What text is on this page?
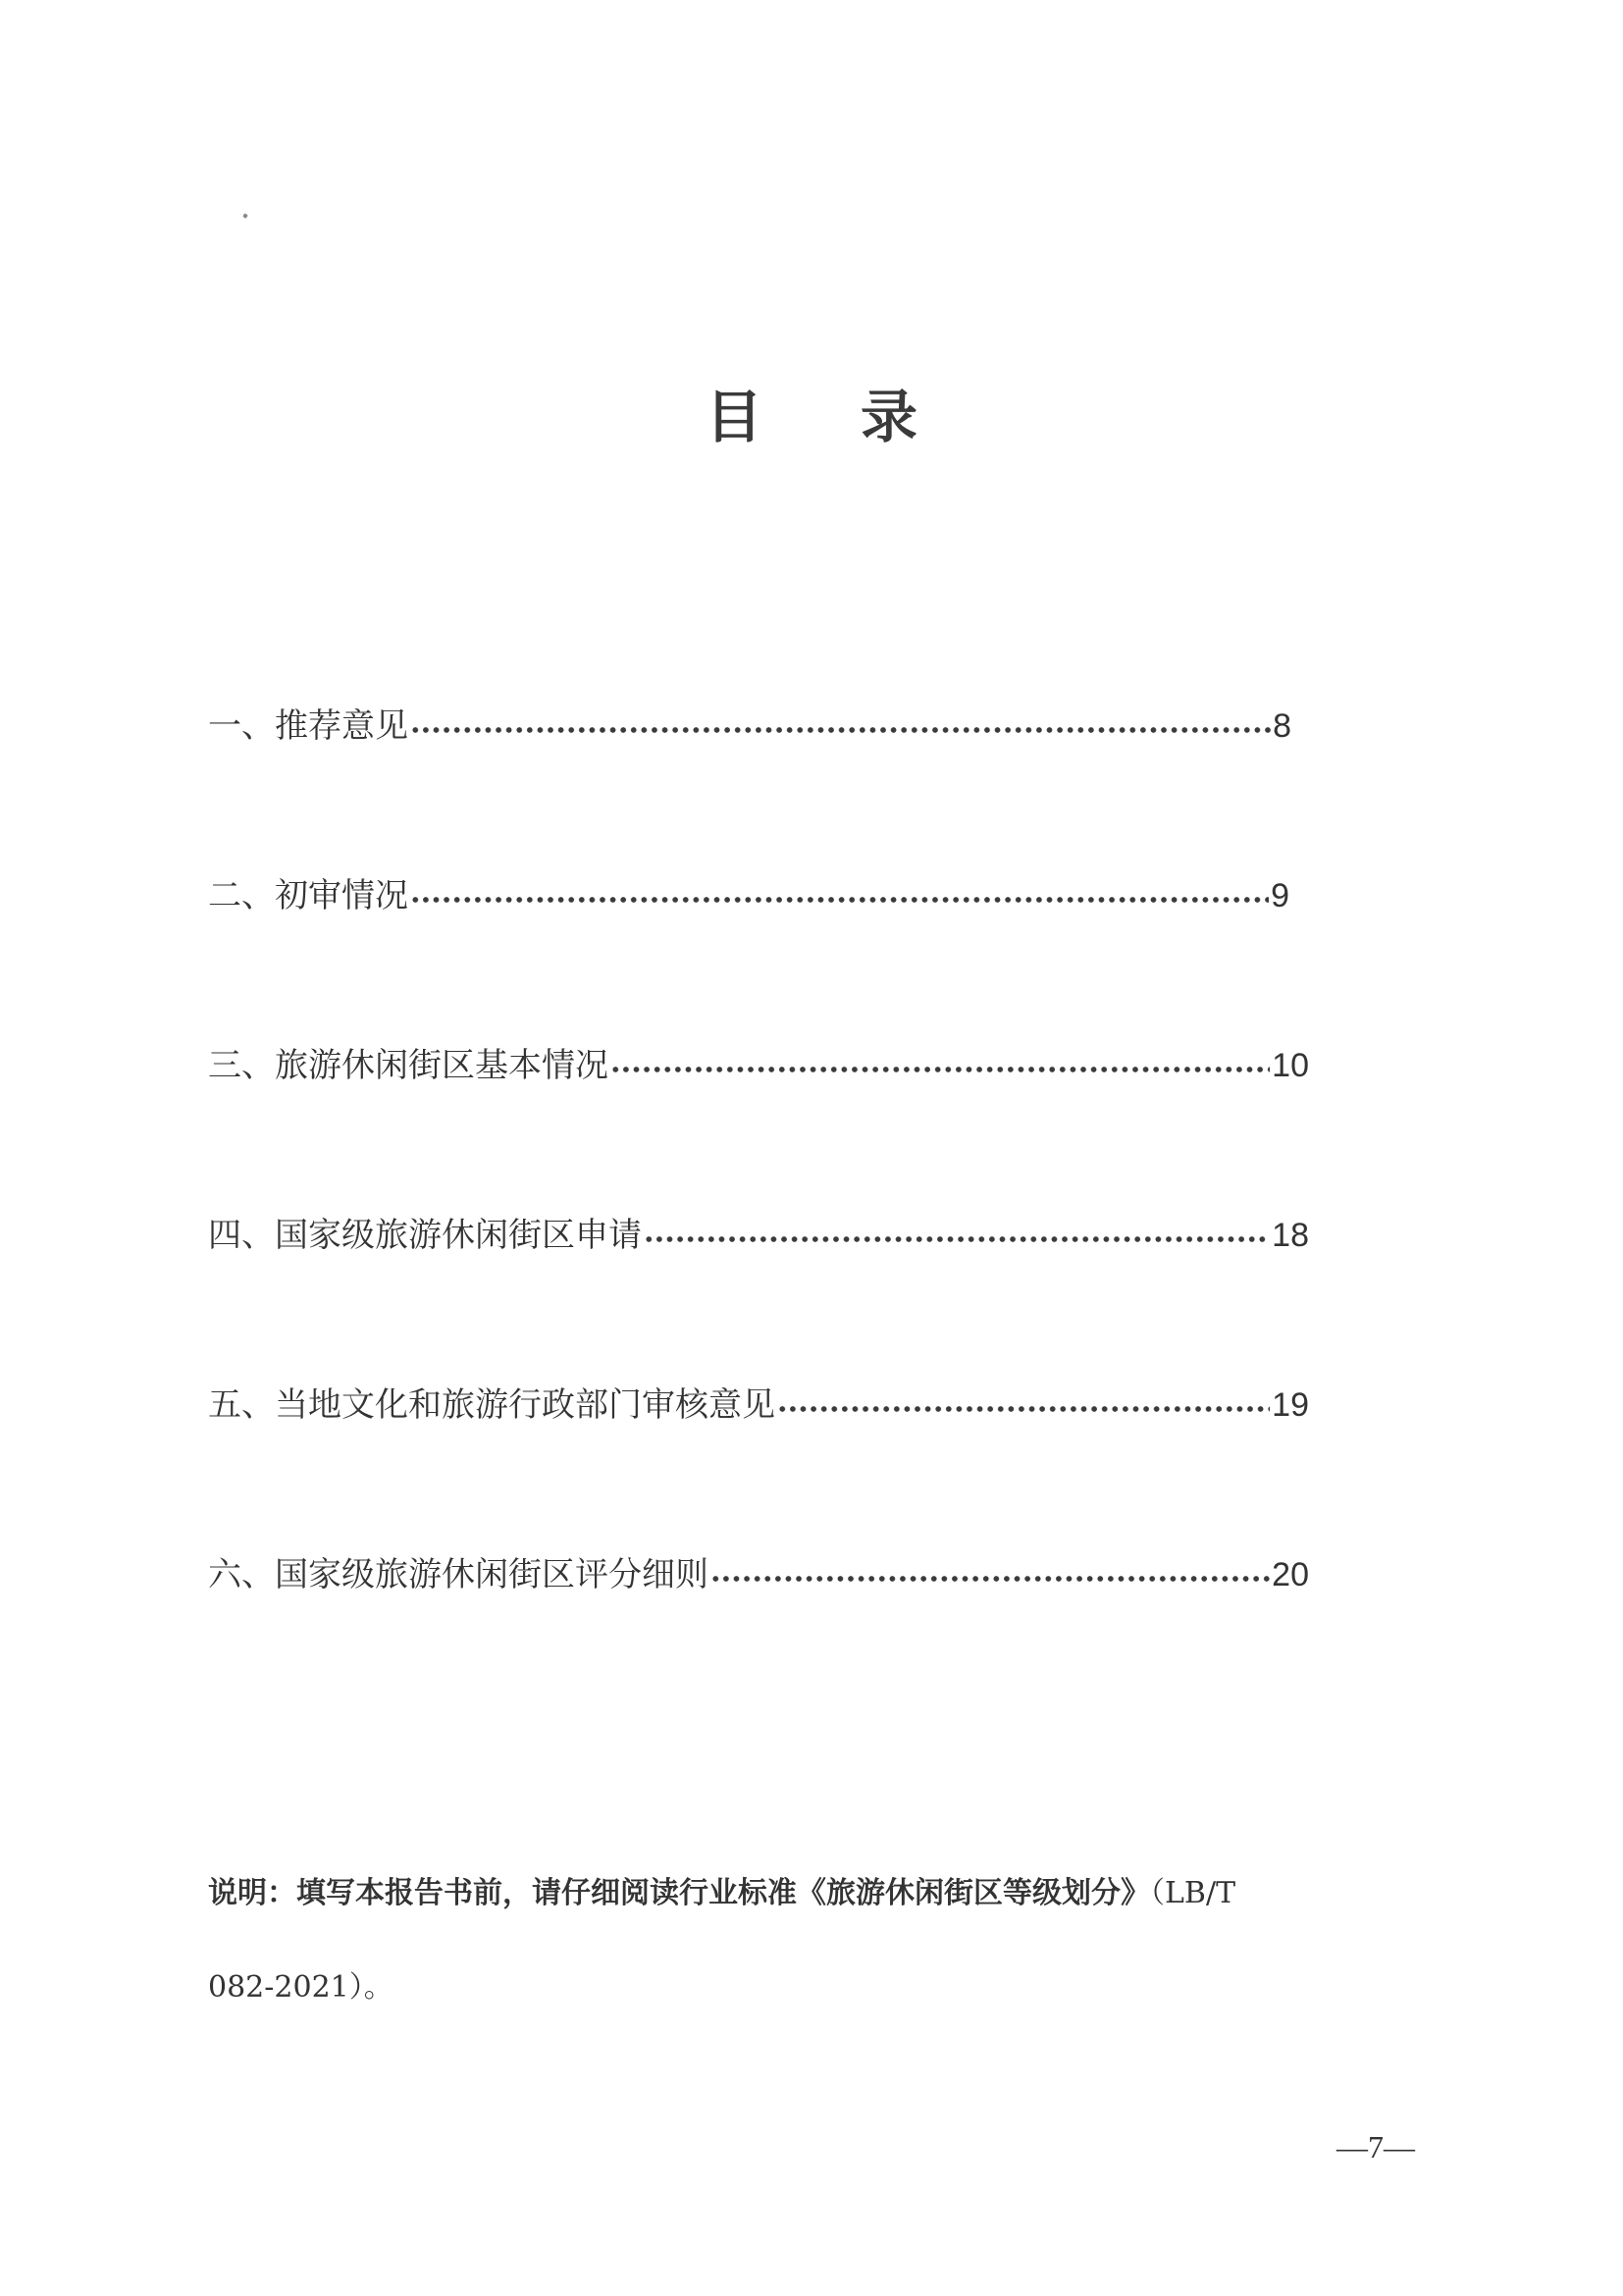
目 录
一、推荐意见	8
二、初审情况	9
三、旅游休闲街区基本情况	10
四、国家级旅游休闲街区申请	18
五、当地文化和旅游行政部门审核意见	19
六、国家级旅游休闲街区评分细则	20
说明：填写本报告书前，请仔细阅读行业标准《旅游休闲街区等级划分》（LB/T
082-2021）。
—7—
